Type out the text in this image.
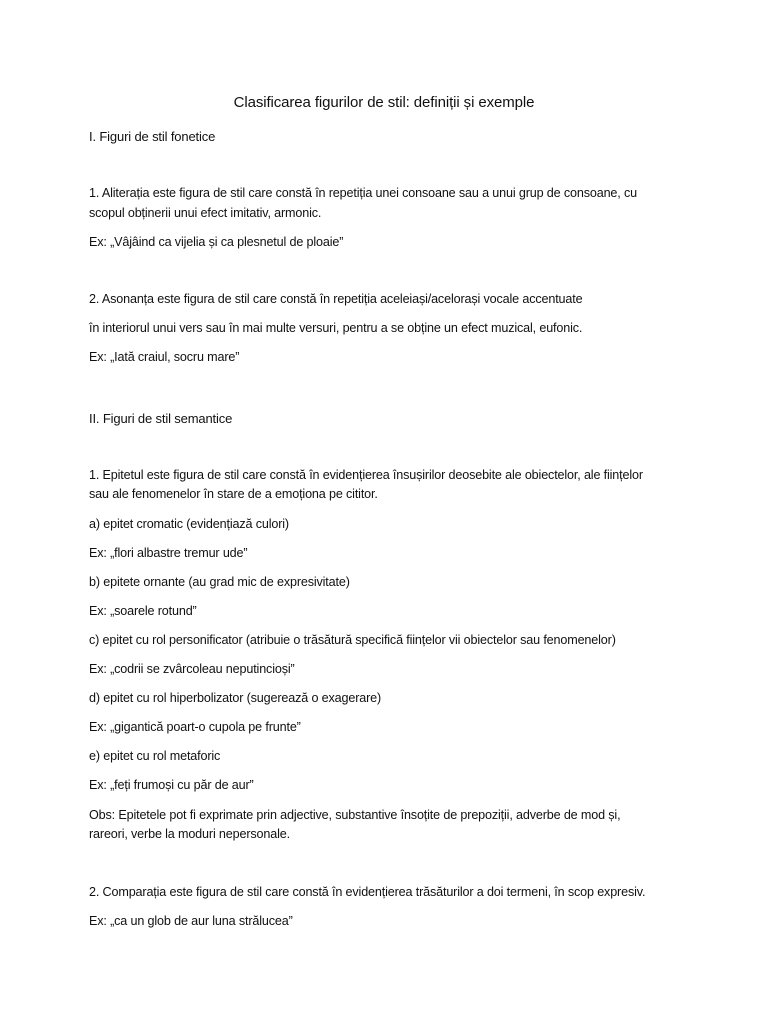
Clasificarea figurilor de stil: definiții și exemple
I. Figuri de stil fonetice
1. Aliterația este figura de stil care constă în repetiția unei consoane sau a unui grup de consoane, cu
scopul obținerii unui efect imitativ, armonic.
Ex: „Vâjâind ca vijelia și ca plesnetul de ploaie”
2. Asonanța este figura de stil care constă în repetiția aceleiași/acelorași vocale accentuate
în interiorul unui vers sau în mai multe versuri, pentru a se obține un efect muzical, eufonic.
Ex: „Iată craiul, socru mare”
II. Figuri de stil semantice
1. Epitetul este figura de stil care constă în evidențierea însușirilor deosebite ale obiectelor, ale ființelor
sau ale fenomenelor în stare de a emoționa pe cititor.
a) epitet cromatic (evidențiază culori)
Ex: „flori albastre tremur ude”
b) epitete ornante (au grad mic de expresivitate)
Ex: „soarele rotund”
c) epitet cu rol personificator (atribuie o trăsătură specifică ființelor vii obiectelor sau fenomenelor)
Ex: „codrii se zvârcoleau neputincioși”
d) epitet cu rol hiperbolizator (sugerează o exagerare)
Ex: „gigantică poart-o cupola pe frunte”
e) epitet cu rol metaforic
Ex: „feți frumoși cu păr de aur”
Obs: Epitetele pot fi exprimate prin adjective, substantive însoțite de prepoziții, adverbe de mod și,
rareori, verbe la moduri nepersonale.
2. Comparația este figura de stil care constă în evidențierea trăsăturilor a doi termeni, în scop expresiv.
Ex: „ca un glob de aur luna strălucea”
